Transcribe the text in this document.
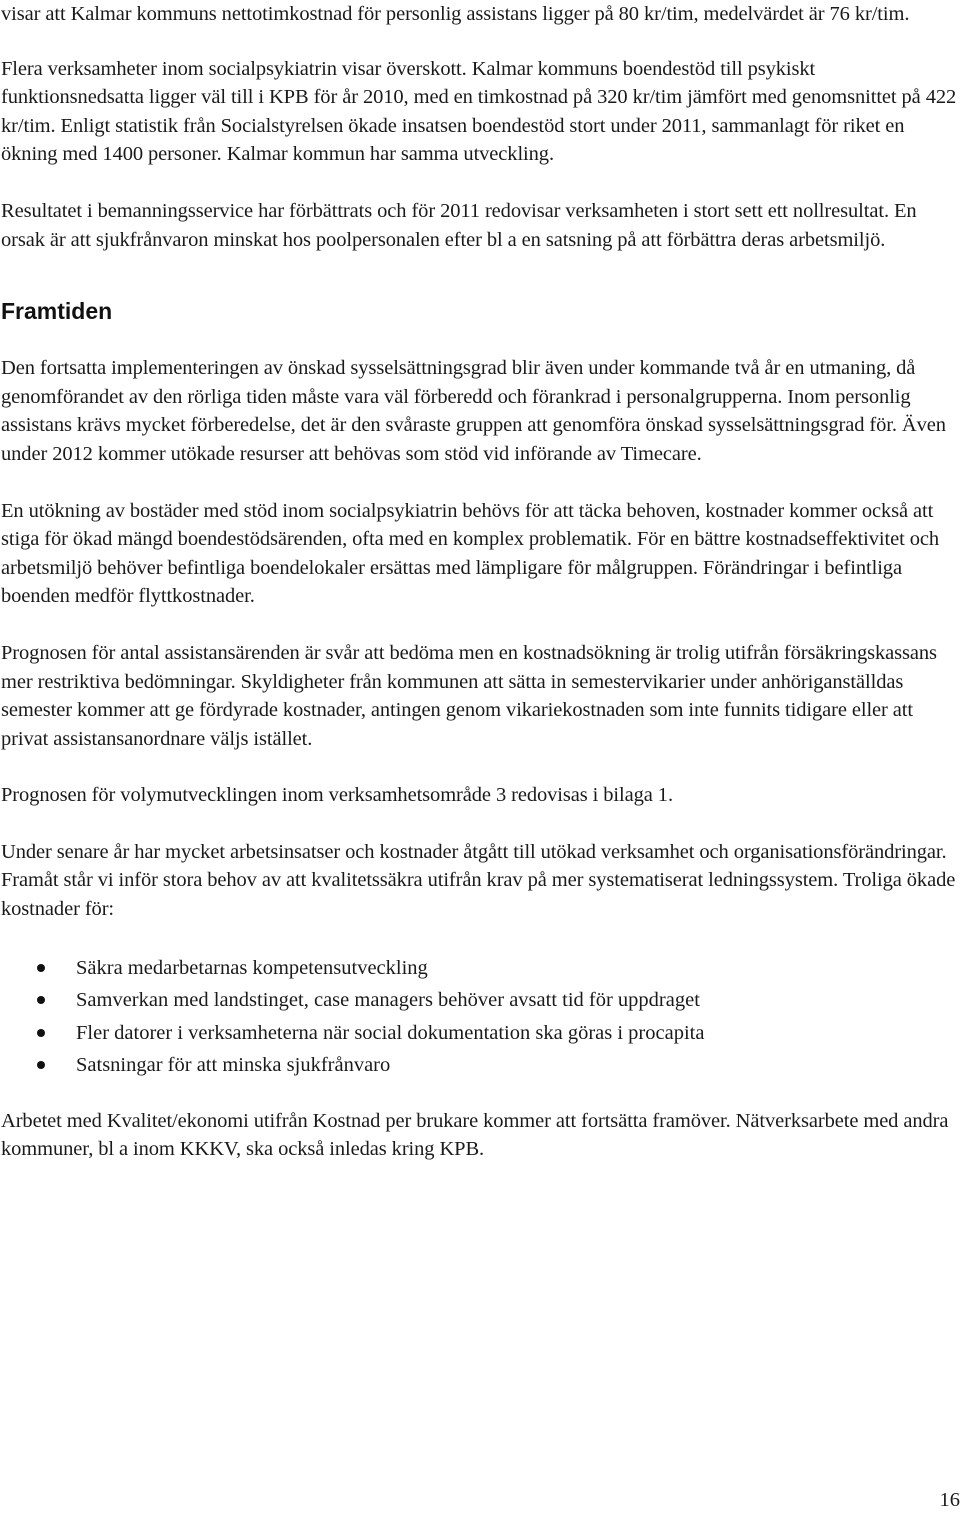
visar att Kalmar kommuns nettotimkostnad för personlig assistans ligger på 80 kr/tim, medelvärdet är 76 kr/tim.

Flera verksamheter inom socialpsykiatrin visar överskott. Kalmar kommuns boendestöd till psykiskt funktionsnedsatta ligger väl till i KPB för år 2010, med en timkostnad på 320 kr/tim jämfört med genomsnittet på 422 kr/tim. Enligt statistik från Socialstyrelsen ökade insatsen boendestöd stort under 2011, sammanlagt för riket en ökning med 1400 personer. Kalmar kommun har samma utveckling.

Resultatet i bemanningsservice har förbättrats och för 2011 redovisar verksamheten i stort sett ett nollresultat. En orsak är att sjukfrånvaron minskat hos poolpersonalen efter bl a en satsning på att förbättra deras arbetsmiljö.

Framtiden

Den fortsatta implementeringen av önskad sysselsättningsgrad blir även under kommande två år en utmaning, då genomförandet av den rörliga tiden måste vara väl förberedd och förankrad i personalgrupperna. Inom personlig assistans krävs mycket förberedelse, det är den svåraste gruppen att genomföra önskad sysselsättningsgrad för. Även under 2012 kommer utökade resurser att behövas som stöd vid införande av Timecare.

En utökning av bostäder med stöd inom socialpsykiatrin behövs för att täcka behoven, kostnader kommer också att stiga för ökad mängd boendestödsärenden, ofta med en komplex problematik. För en bättre kostnadseffektivitet och arbetsmiljö behöver befintliga boendelokaler ersättas med lämpligare för målgruppen. Förändringar i befintliga boenden medför flyttkostnader.

Prognosen för antal assistansärenden är svår att bedöma men en kostnadsökning är trolig utifrån försäkringskassans mer restriktiva bedömningar. Skyldigheter från kommunen att sätta in semestervikarier under anhöriganställdas semester kommer att ge fördyrade kostnader, antingen genom vikariekostnaden som inte funnits tidigare eller att privat assistansanordnare väljs istället.

Prognosen för volymutvecklingen inom verksamhetsområde 3 redovisas i bilaga 1.

Under senare år har mycket arbetsinsatser och kostnader åtgått till utökad verksamhet och organisationsförändringar. Framåt står vi inför stora behov av att kvalitetssäkra utifrån krav på mer systematiserat ledningssystem. Troliga ökade kostnader för:

Säkra medarbetarnas kompetensutveckling
Samverkan med landstinget, case managers behöver avsatt tid för uppdraget
Fler datorer i verksamheterna när social dokumentation ska göras i procapita
Satsningar för att minska sjukfrånvaro

Arbetet med Kvalitet/ekonomi utifrån Kostnad per brukare kommer att fortsätta framöver. Nätverksarbete med andra kommuner, bl a inom KKKV, ska också inledas kring KPB.

16
